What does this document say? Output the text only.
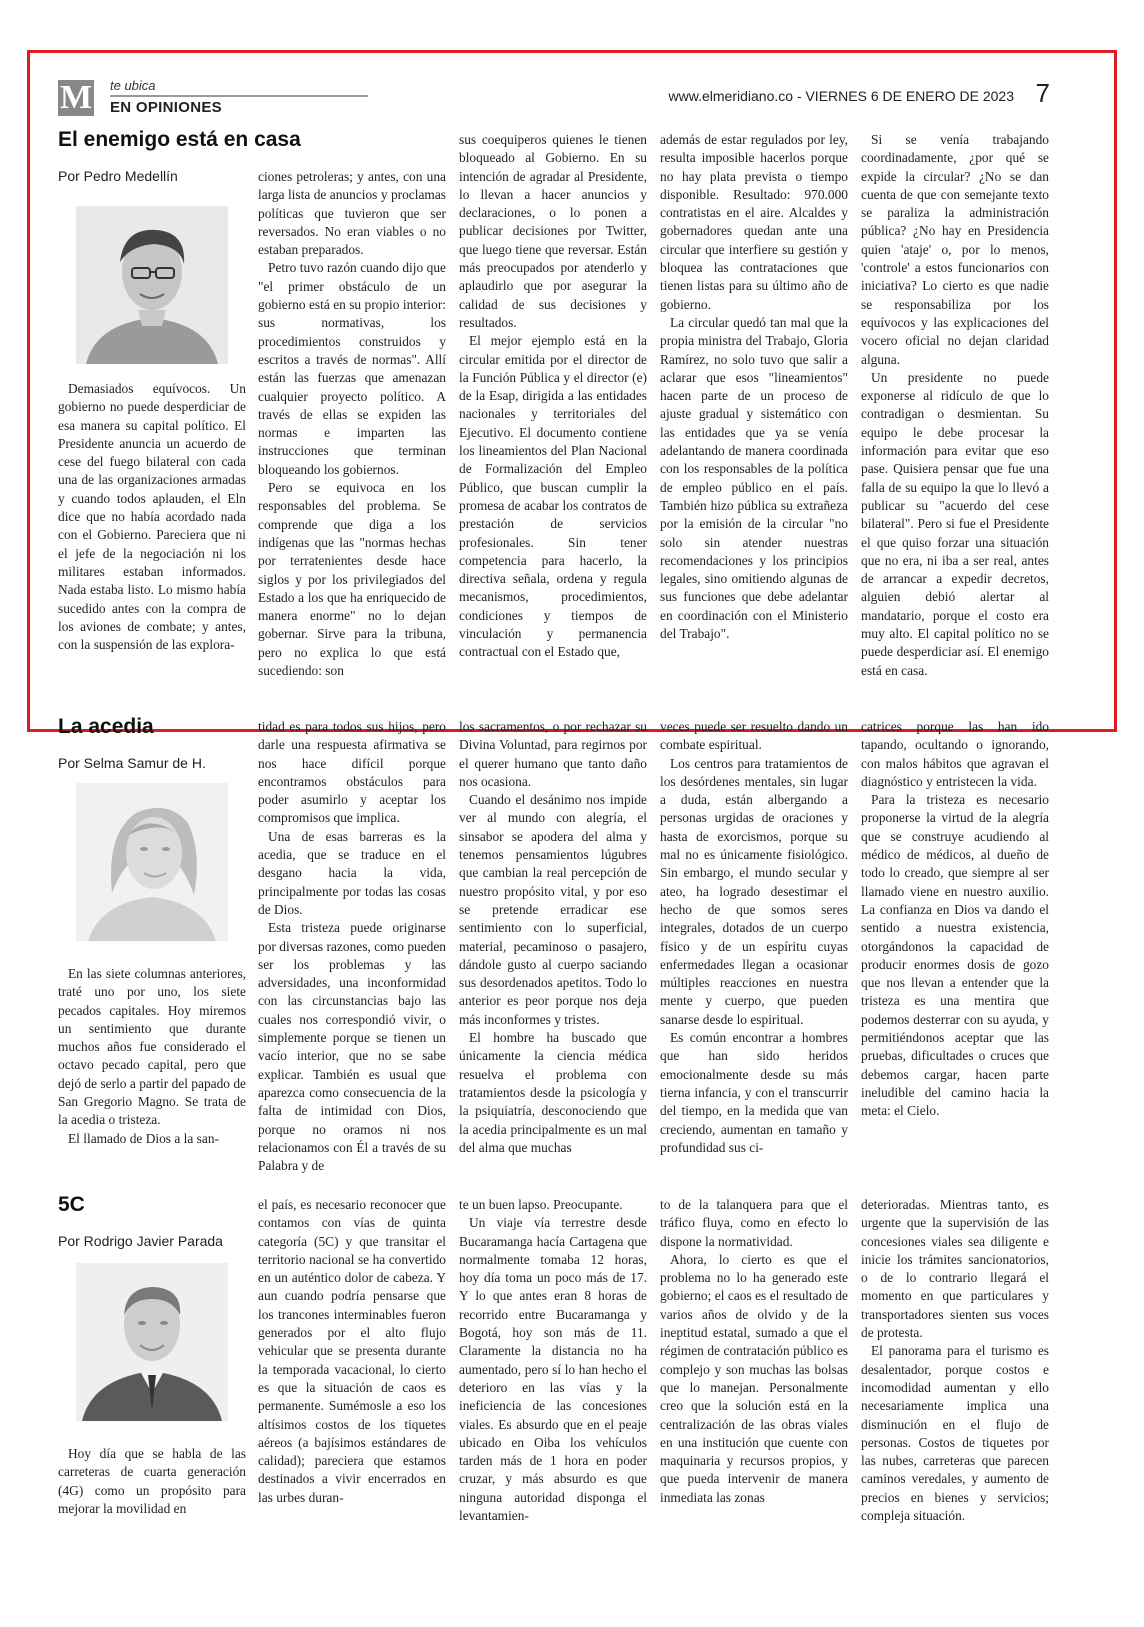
M te ubica
EN OPINIONES
www.elmeridiano.co - VIERNES 6 DE ENERO DE 2023 7
El enemigo está en casa
Por Pedro Medellín

Demasiados equívocos. Un gobierno no puede desperdiciar de esa manera su capital político. El Presidente anuncia un acuerdo de cese del fuego bilateral con cada una de las organizaciones armadas y cuando todos aplauden, el Eln dice que no había acordado nada con el Gobierno. Pareciera que ni el jefe de la negociación ni los militares estaban informados. Nada estaba listo. Lo mismo había sucedido antes con la compra de los aviones de combate; y antes, con la suspensión de las explora-

ciones petroleras; y antes, con una larga lista de anuncios y proclamas políticas que tuvieron que ser reversados. No eran viables o no estaban preparados.

Petro tuvo razón cuando dijo que "el primer obstáculo de un gobierno está en su propio interior: sus normativas, los procedimientos construidos y escritos a través de normas". Allí están las fuerzas que amenazan cualquier proyecto político. A través de ellas se expiden las normas e imparten las instrucciones que terminan bloqueando los gobiernos.

Pero se equivoca en los responsables del problema. Se comprende que diga a los indígenas que las "normas hechas por terratenientes desde hace siglos y por los privilegiados del Estado a los que ha enriquecido de manera enorme" no lo dejan gobernar. Sirve para la tribuna, pero no explica lo que está sucediendo: son

sus coequiperos quienes le tienen bloqueado al Gobierno. En su intención de agradar al Presidente, lo llevan a hacer anuncios y declaraciones, o lo ponen a publicar decisiones por Twitter, que luego tiene que reversar. Están más preocupados por atenderlo y aplaudirlo que por asegurar la calidad de sus decisiones y resultados.

El mejor ejemplo está en la circular emitida por el director de la Función Pública y el director (e) de la Esap, dirigida a las entidades nacionales y territoriales del Ejecutivo. El documento contiene los lineamientos del Plan Nacional de Formalización del Empleo Público, que buscan cumplir la promesa de acabar los contratos de prestación de servicios profesionales. Sin tener competencia para hacerlo, la directiva señala, ordena y regula mecanismos, procedimientos, condiciones y tiempos de vinculación y permanencia contractual con el Estado que,

además de estar regulados por ley, resulta imposible hacerlos porque no hay plata prevista o tiempo disponible. Resultado: 970.000 contratistas en el aire. Alcaldes y gobernadores quedan ante una circular que interfiere su gestión y bloquea las contrataciones que tienen listas para su último año de gobierno.

La circular quedó tan mal que la propia ministra del Trabajo, Gloria Ramírez, no solo tuvo que salir a aclarar que esos "lineamientos" hacen parte de un proceso de ajuste gradual y sistemático con las entidades que ya se venía adelantando de manera coordinada con los responsables de la política de empleo público en el país. También hizo pública su extrañeza por la emisión de la circular "no solo sin atender nuestras recomendaciones y los principios legales, sino omitiendo algunas de sus funciones que debe adelantar en coordinación con el Ministerio del Trabajo".

Si se venía trabajando coordinadamente, ¿por qué se expide la circular? ¿No se dan cuenta de que con semejante texto se paraliza la administración pública? ¿No hay en Presidencia quien 'ataje' o, por lo menos, 'controle' a estos funcionarios con iniciativa? Lo cierto es que nadie se responsabiliza por los equívocos y las explicaciones del vocero oficial no dejan claridad alguna.

Un presidente no puede exponerse al ridículo de que lo contradigan o desmientan. Su equipo le debe procesar la información para evitar que eso pase. Quisiera pensar que fue una falla de su equipo la que lo llevó a publicar su "acuerdo del cese bilateral". Pero si fue el Presidente el que quiso forzar una situación que no era, ni iba a ser real, antes de arrancar a expedir decretos, alguien debió alertar al mandatario, porque el costo era muy alto. El capital político no se puede desperdiciar así. El enemigo está en casa.

La acedia
Por Selma Samur de H.

En las siete columnas anteriores, traté uno por uno, los siete pecados capitales. Hoy miremos un sentimiento que durante muchos años fue considerado el octavo pecado capital, pero que dejó de serlo a partir del papado de San Gregorio Magno. Se trata de la acedia o tristeza.

El llamado de Dios a la san-

tidad es para todos sus hijos, pero darle una respuesta afirmativa se nos hace difícil porque encontramos obstáculos para poder asumirlo y aceptar los compromisos que implica.

Una de esas barreras es la acedia, que se traduce en el desgano hacia la vida, principalmente por todas las cosas de Dios.

Esta tristeza puede originarse por diversas razones, como pueden ser los problemas y las adversidades, una inconformidad con las circunstancias bajo las cuales nos correspondió vivir, o simplemente porque se tienen un vacío interior, que no se sabe explicar. También es usual que aparezca como consecuencia de la falta de intimidad con Dios, porque no oramos ni nos relacionamos con Él a través de su Palabra y de

los sacramentos, o por rechazar su Divina Voluntad, para regirnos por el querer humano que tanto daño nos ocasiona.

Cuando el desánimo nos impide ver al mundo con alegría, el sinsabor se apodera del alma y tenemos pensamientos lúgubres que cambian la real percepción de nuestro propósito vital, y por eso se pretende erradicar ese sentimiento con lo superficial, material, pecaminoso o pasajero, dándole gusto al cuerpo saciando sus desordenados apetitos. Todo lo anterior es peor porque nos deja más inconformes y tristes.

El hombre ha buscado que únicamente la ciencia médica resuelva el problema con tratamientos desde la psicología y la psiquiatría, desconociendo que la acedia principalmente es un mal del alma que muchas

veces puede ser resuelto dando un combate espiritual.

Los centros para tratamientos de los desórdenes mentales, sin lugar a duda, están albergando a personas urgidas de oraciones y hasta de exorcismos, porque su mal no es únicamente fisiológico. Sin embargo, el mundo secular y ateo, ha logrado desestimar el hecho de que somos seres integrales, dotados de un cuerpo físico y de un espíritu cuyas enfermedades llegan a ocasionar múltiples reacciones en nuestra mente y cuerpo, que pueden sanarse desde lo espiritual.

Es común encontrar a hombres que han sido heridos emocionalmente desde su más tierna infancia, y con el transcurrir del tiempo, en la medida que van creciendo, aumentan en tamaño y profundidad sus ci-

catrices porque las han ido tapando, ocultando o ignorando, con malos hábitos que agravan el diagnóstico y entristecen la vida.

Para la tristeza es necesario proponerse la virtud de la alegría que se construye acudiendo al médico de médicos, al dueño de todo lo creado, que siempre al ser llamado viene en nuestro auxilio. La confianza en Dios va dando el sentido a nuestra existencia, otorgándonos la capacidad de producir enormes dosis de gozo que nos llevan a entender que la tristeza es una mentira que podemos desterrar con su ayuda, y permitiéndonos aceptar que las pruebas, dificultades o cruces que debemos cargar, hacen parte ineludible del camino hacia la meta: el Cielo.

5C
Por Rodrigo Javier Parada

Hoy día que se habla de las carreteras de cuarta generación (4G) como un propósito para mejorar la movilidad en

el país, es necesario reconocer que contamos con vías de quinta categoría (5C) y que transitar el territorio nacional se ha convertido en un auténtico dolor de cabeza. Y aun cuando podría pensarse que los trancones interminables fueron generados por el alto flujo vehicular que se presenta durante la temporada vacacional, lo cierto es que la situación de caos es permanente. Sumémosle a eso los altísimos costos de los tiquetes aéreos (a bajísimos estándares de calidad); pareciera que estamos destinados a vivir encerrados en las urbes duran-

te un buen lapso. Preocupante.

Un viaje vía terrestre desde Bucaramanga hacía Cartagena que normalmente tomaba 12 horas, hoy día toma un poco más de 17. Y lo que antes eran 8 horas de recorrido entre Bucaramanga y Bogotá, hoy son más de 11. Claramente la distancia no ha aumentado, pero sí lo han hecho el deterioro en las vías y la ineficiencia de las concesiones viales. Es absurdo que en el peaje ubicado en Oiba los vehículos tarden más de 1 hora en poder cruzar, y más absurdo es que ninguna autoridad disponga el levantamien-

to de la talanquera para que el tráfico fluya, como en efecto lo dispone la normatividad.

Ahora, lo cierto es que el problema no lo ha generado este gobierno; el caos es el resultado de varios años de olvido y de la ineptitud estatal, sumado a que el régimen de contratación público es complejo y son muchas las bolsas que lo manejan. Personalmente creo que la solución está en la centralización de las obras viales en una institución que cuente con maquinaria y recursos propios, y que pueda intervenir de manera inmediata las zonas

deterioradas. Mientras tanto, es urgente que la supervisión de las concesiones viales sea diligente e inicie los trámites sancionatorios, o de lo contrario llegará el momento en que particulares y transportadores sienten sus voces de protesta.

El panorama para el turismo es desalentador, porque costos e incomodidad aumentan y ello necesariamente implica una disminución en el flujo de personas. Costos de tiquetes por las nubes, carreteras que parecen caminos veredales, y aumento de precios en bienes y servicios; compleja situación.
